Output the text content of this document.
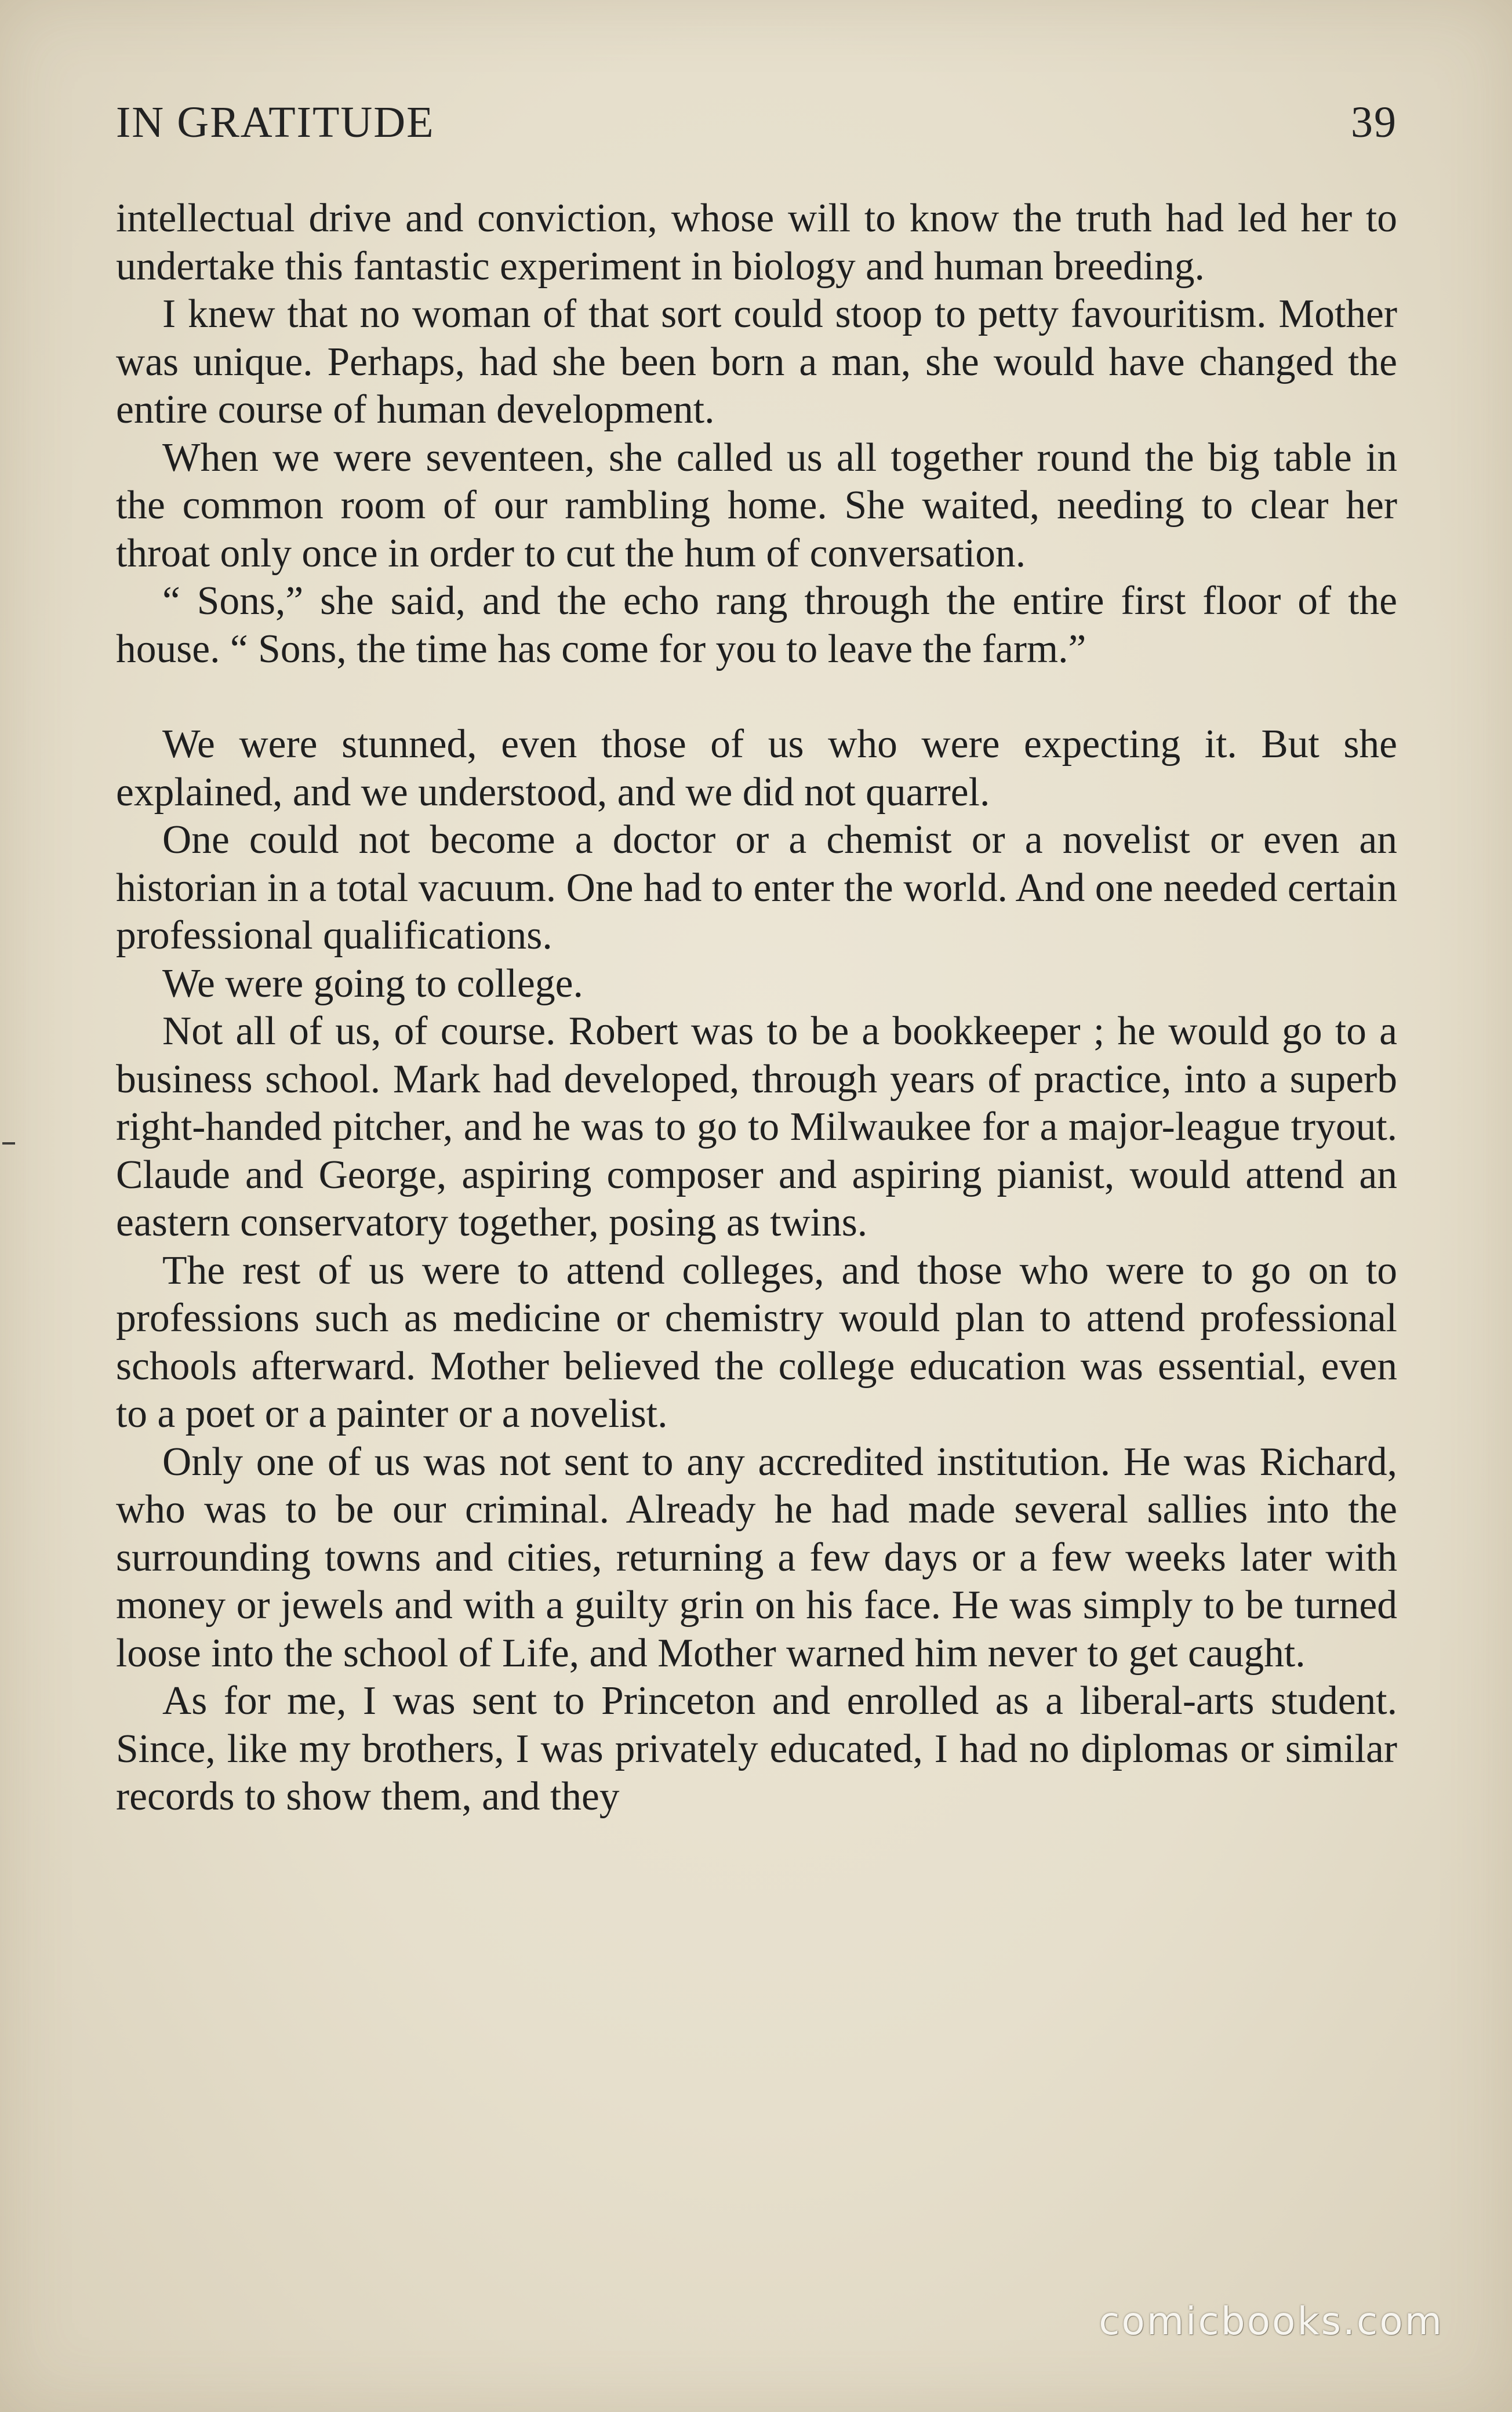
IN GRATITUDE	39

intellectual drive and conviction, whose will to know the truth had led her to undertake this fantastic experiment in biology and human breeding.

I knew that no woman of that sort could stoop to petty favouritism. Mother was unique. Perhaps, had she been born a man, she would have changed the entire course of human development.

When we were seventeen, she called us all together round the big table in the common room of our rambling home. She waited, needing to clear her throat only once in order to cut the hum of conversation.

“ Sons,” she said, and the echo rang through the entire first floor of the house. “ Sons, the time has come for you to leave the farm.”

We were stunned, even those of us who were expecting it. But she explained, and we understood, and we did not quarrel.

One could not become a doctor or a chemist or a novelist or even an historian in a total vacuum. One had to enter the world. And one needed certain professional qualifications.

We were going to college.

Not all of us, of course. Robert was to be a bookkeeper ; he would go to a business school. Mark had developed, through years of practice, into a superb right-handed pitcher, and he was to go to Milwaukee for a major-league tryout. Claude and George, aspiring composer and aspiring pianist, would attend an eastern conservatory together, posing as twins.

The rest of us were to attend colleges, and those who were to go on to professions such as medicine or chemistry would plan to attend professional schools afterward. Mother believed the college education was essential, even to a poet or a painter or a novelist.

Only one of us was not sent to any accredited institution. He was Richard, who was to be our criminal. Already he had made several sallies into the surrounding towns and cities, returning a few days or a few weeks later with money or jewels and with a guilty grin on his face. He was simply to be turned loose into the school of Life, and Mother warned him never to get caught.

As for me, I was sent to Princeton and enrolled as a liberal-arts student. Since, like my brothers, I was privately educated, I had no diplomas or similar records to show them, and they

comicbooks.com
